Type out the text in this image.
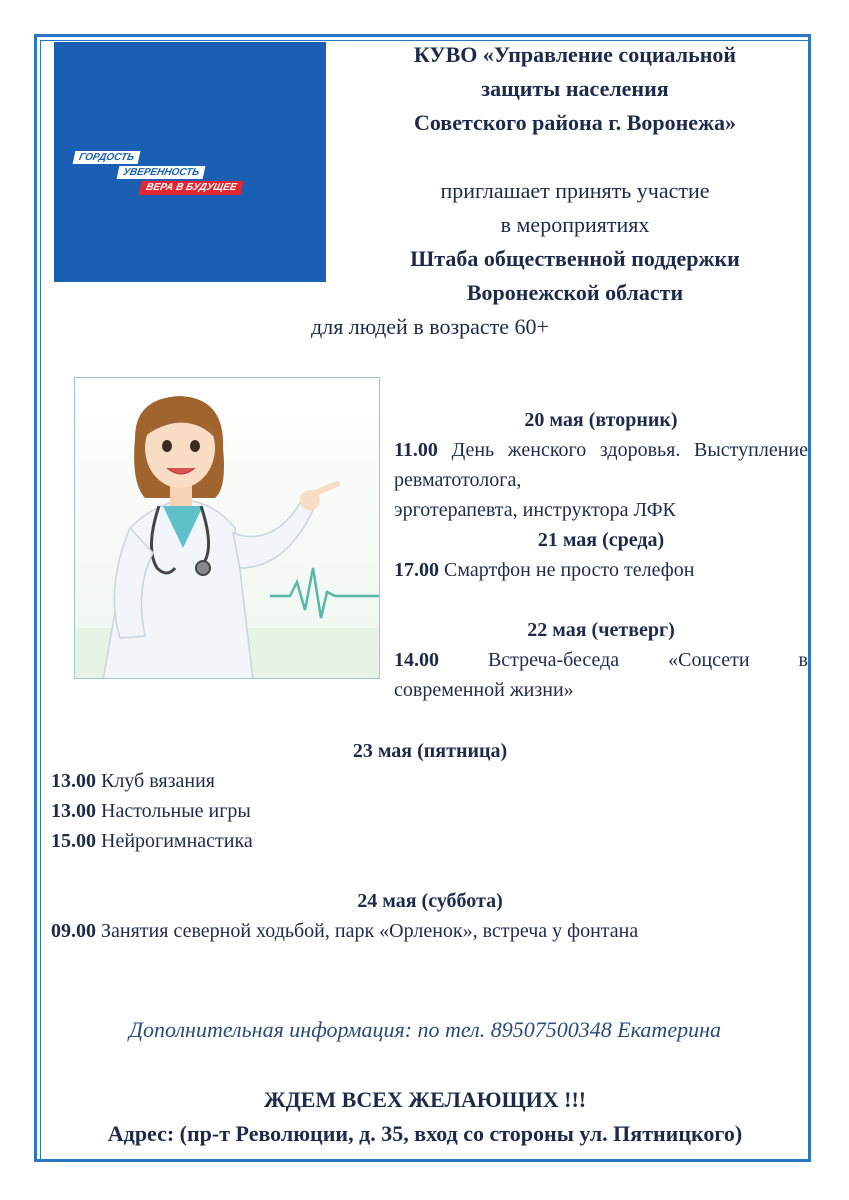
ГОРДОСТЬ
УВЕРЕННОСТЬ
ВЕРА В БУДУЩЕЕ
КУВО «Управление социальной
защиты населения
Советского района г. Воронежа»
приглашает принять участие
в мероприятиях
Штаба общественной поддержки
Воронежской области
для людей в возрасте 60+
20 мая (вторник)
11.00 День женского здоровья. Выступление ревматотолога,
эрготерапевта, инструктора ЛФК
21 мая (среда)
17.00 Смартфон не просто телефон
22 мая (четверг)
14.00 Встреча-беседа «Соцсети в
современной жизни»
23 мая (пятница)
13.00 Клуб вязания
13.00 Настольные игры
15.00 Нейрогимнастика
24 мая (суббота)
09.00 Занятия северной ходьбой, парк «Орленок», встреча у фонтана
Дополнительная информация: по тел. 89507500348 Екатерина
ЖДЕМ ВСЕХ ЖЕЛАЮЩИХ !!!
Адрес: (пр-т Революции, д. 35, вход со стороны ул. Пятницкого)
